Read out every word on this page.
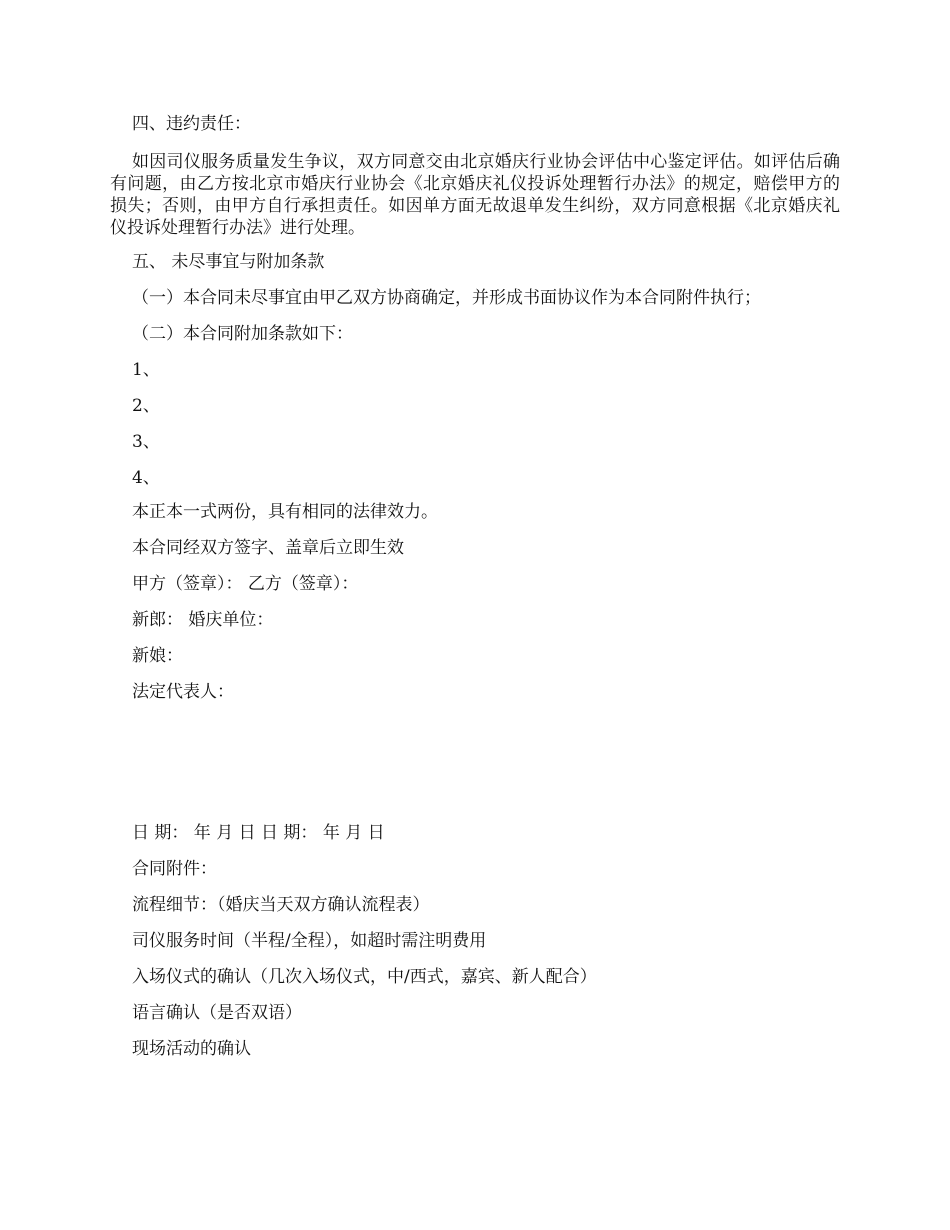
四、违约责任：
如因司仪服务质量发生争议，双方同意交由北京婚庆行业协会评估中心鉴定评估。如评估后确有问题，由乙方按北京市婚庆行业协会《北京婚庆礼仪投诉处理暂行办法》的规定，赔偿甲方的损失；否则，由甲方自行承担责任。如因单方面无故退单发生纠纷，双方同意根据《北京婚庆礼仪投诉处理暂行办法》进行处理。
五、 未尽事宜与附加条款
（一）本合同未尽事宜由甲乙双方协商确定，并形成书面协议作为本合同附件执行；
（二）本合同附加条款如下：
1、
2、
3、
4、
本正本一式两份，具有相同的法律效力。
本合同经双方签字、盖章后立即生效
甲方（签章）： 乙方（签章）：
新郎： 婚庆单位：
新娘：
法定代表人：
日 期： 年 月 日 日 期： 年 月 日
合同附件：
流程细节：（婚庆当天双方确认流程表）
司仪服务时间（半程/全程），如超时需注明费用
入场仪式的确认（几次入场仪式，中/西式，嘉宾、新人配合）
语言确认（是否双语）
现场活动的确认
